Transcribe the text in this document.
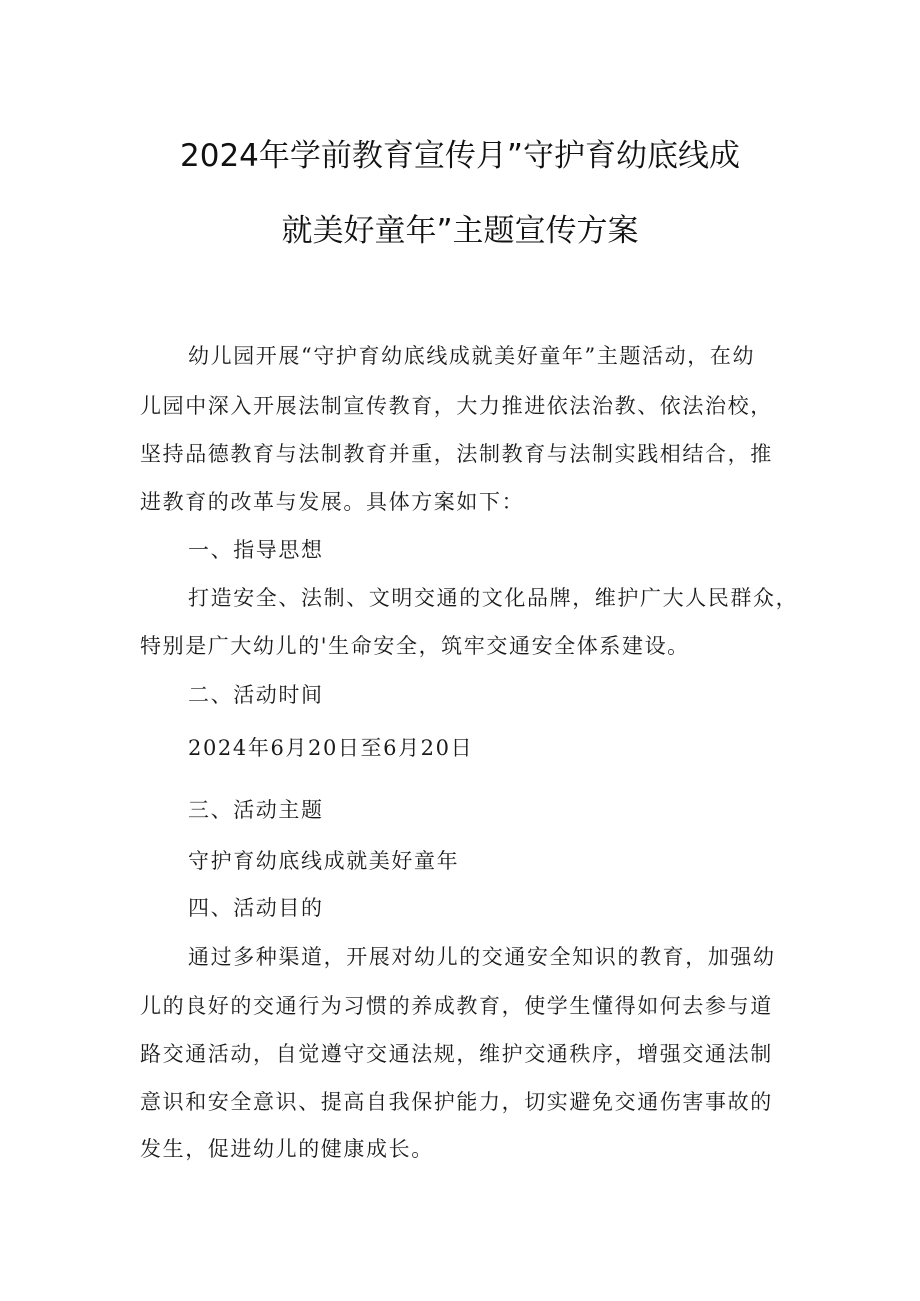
2024年学前教育宣传月”守护育幼底线成
就美好童年”主题宣传方案
幼儿园开展“守护育幼底线成就美好童年”主题活动，在幼
儿园中深入开展法制宣传教育，大力推进依法治教、依法治校，
坚持品德教育与法制教育并重，法制教育与法制实践相结合，推
进教育的改革与发展。具体方案如下：
一、指导思想
打造安全、法制、文明交通的文化品牌，维护广大人民群众，
特别是广大幼儿的'生命安全，筑牢交通安全体系建设。
二、活动时间
2024年6月20日至6月20日
三、活动主题
守护育幼底线成就美好童年
四、活动目的
通过多种渠道，开展对幼儿的交通安全知识的教育，加强幼
儿的良好的交通行为习惯的养成教育，使学生懂得如何去参与道
路交通活动，自觉遵守交通法规，维护交通秩序，增强交通法制
意识和安全意识、提高自我保护能力，切实避免交通伤害事故的
发生，促进幼儿的健康成长。
